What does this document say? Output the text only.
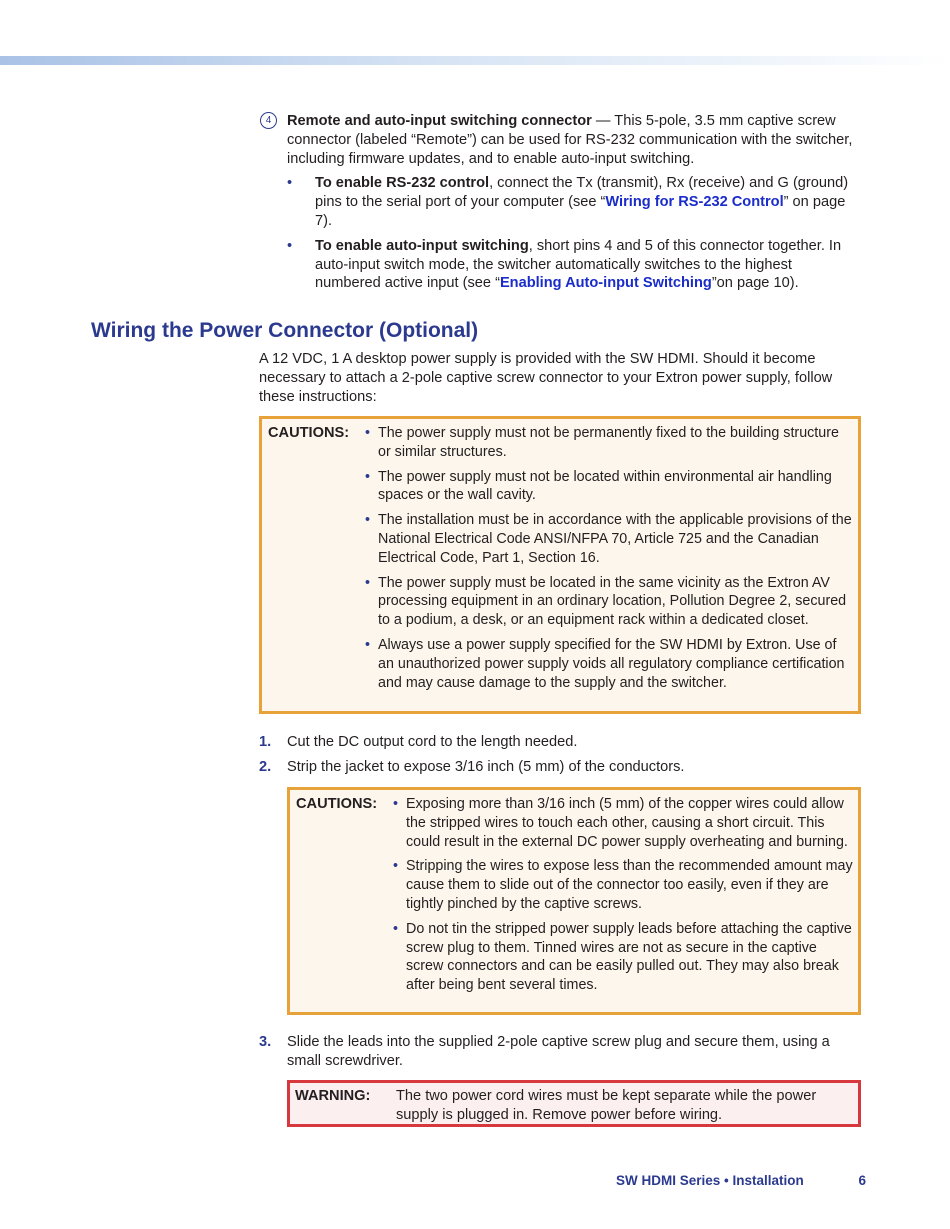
4	Remote and auto-input switching connector — This 5-pole, 3.5 mm captive screw connector (labeled “Remote”) can be used for RS-232 communication with the switcher, including firmware updates, and to enable auto-input switching.
• To enable RS-232 control, connect the Tx (transmit), Rx (receive) and G (ground) pins to the serial port of your computer (see “Wiring for RS-232 Control” on page 7).
• To enable auto-input switching, short pins 4 and 5 of this connector together. In auto-input switch mode, the switcher automatically switches to the highest numbered active input (see “Enabling Auto-input Switching”on page 10).
Wiring the Power Connector (Optional)
A 12 VDC, 1 A desktop power supply is provided with the SW HDMI. Should it become necessary to attach a 2-pole captive screw connector to your Extron power supply, follow these instructions:
CAUTIONS: • The power supply must not be permanently fixed to the building structure or similar structures.
• The power supply must not be located within environmental air handling spaces or the wall cavity.
• The installation must be in accordance with the applicable provisions of the National Electrical Code ANSI/NFPA 70, Article 725 and the Canadian Electrical Code, Part 1, Section 16.
• The power supply must be located in the same vicinity as the Extron AV processing equipment in an ordinary location, Pollution Degree 2, secured to a podium, a desk, or an equipment rack within a dedicated closet.
• Always use a power supply specified for the SW HDMI by Extron. Use of an unauthorized power supply voids all regulatory compliance certification and may cause damage to the supply and the switcher.
1. Cut the DC output cord to the length needed.
2. Strip the jacket to expose 3/16 inch (5 mm) of the conductors.
CAUTIONS: • Exposing more than 3/16 inch (5 mm) of the copper wires could allow the stripped wires to touch each other, causing a short circuit. This could result in the external DC power supply overheating and burning.
• Stripping the wires to expose less than the recommended amount may cause them to slide out of the connector too easily, even if they are tightly pinched by the captive screws.
• Do not tin the stripped power supply leads before attaching the captive screw plug to them. Tinned wires are not as secure in the captive screw connectors and can be easily pulled out. They may also break after being bent several times.
3. Slide the leads into the supplied 2-pole captive screw plug and secure them, using a small screwdriver.
WARNING: The two power cord wires must be kept separate while the power supply is plugged in. Remove power before wiring.
SW HDMI Series • Installation	6
